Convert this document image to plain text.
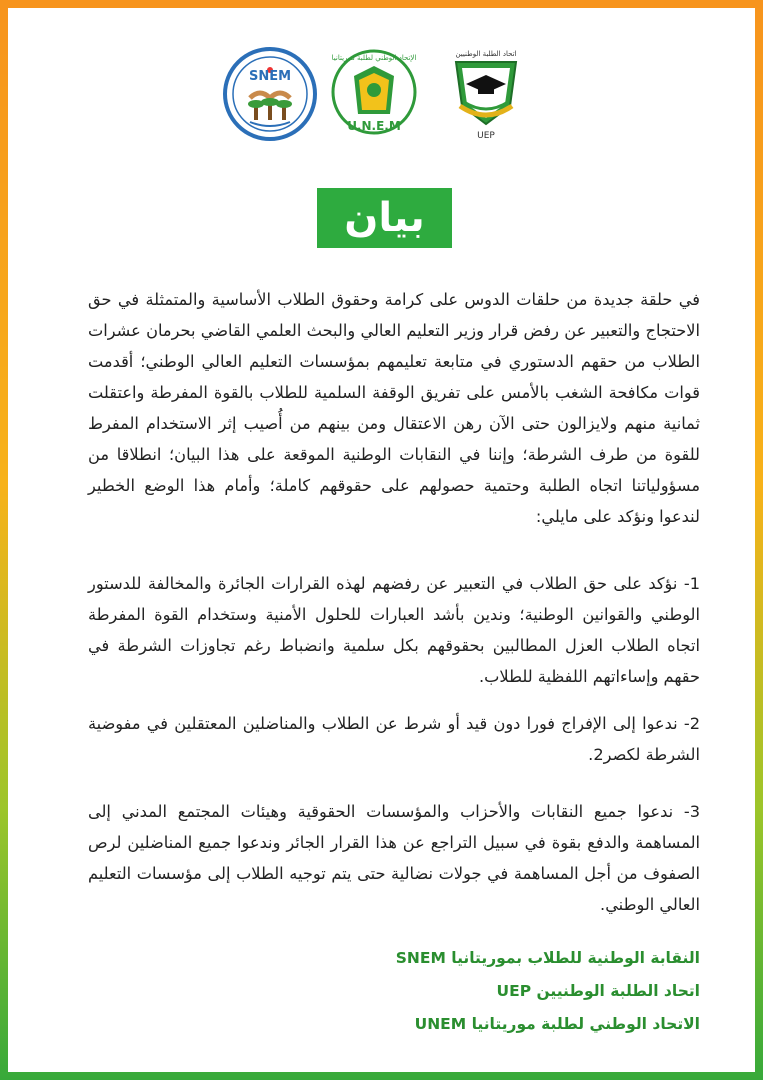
SNEM
U.N.E.M
الإتحاد الوطني لطلبة موريتانيا	اتحاد الطلبة الوطنيين
UEP
بيان
في حلقة جديدة من حلقات الدوس على كرامة وحقوق الطلاب الأساسية والمتمثلة في حق الاحتجاج والتعبير عن رفض قرار وزير التعليم العالي والبحث العلمي القاضي بحرمان عشرات الطلاب من حقهم الدستوري في متابعة تعليمهم بمؤسسات التعليم العالي الوطني؛ أقدمت قوات مكافحة الشغب بالأمس على تفريق الوقفة السلمية للطلاب بالقوة المفرطة واعتقلت ثمانية منهم ولايزالون حتى الآن رهن الاعتقال ومن بينهم من أُصيب إثر الاستخدام المفرط للقوة من طرف الشرطة؛ وإننا في النقابات الوطنية الموقعة على هذا البيان؛ انطلاقا من مسؤولياتنا اتجاه الطلبة وحتمية حصولهم على حقوقهم كاملة؛ وأمام هذا الوضع الخطير لندعوا ونؤكد على مايلي:
1- نؤكد على حق الطلاب في التعبير عن رفضهم لهذه القرارات الجائرة والمخالفة للدستور الوطني والقوانين الوطنية؛ وندين بأشد العبارات للحلول الأمنية وستخدام القوة المفرطة اتجاه الطلاب العزل المطالبين بحقوقهم بكل سلمية وانضباط رغم تجاوزات الشرطة في حقهم وإساءاتهم اللفظية للطلاب.
2- ندعوا إلى الإفراج فورا دون قيد أو شرط عن الطلاب والمناضلين المعتقلين في مفوضية الشرطة لكصر2.
3- ندعوا جميع النقابات والأحزاب والمؤسسات الحقوقية وهيئات المجتمع المدني إلى المساهمة والدفع بقوة في سبيل التراجع عن هذا القرار الجائر وندعوا جميع المناضلين لرص الصفوف من أجل المساهمة في جولات نضالية حتى يتم توجيه الطلاب إلى مؤسسات التعليم العالي الوطني.
النقابة الوطنية للطلاب بموريتانيا SNEM
اتحاد الطلبة الوطنيين UEP
الاتحاد الوطني لطلبة موريتانيا UNEM
